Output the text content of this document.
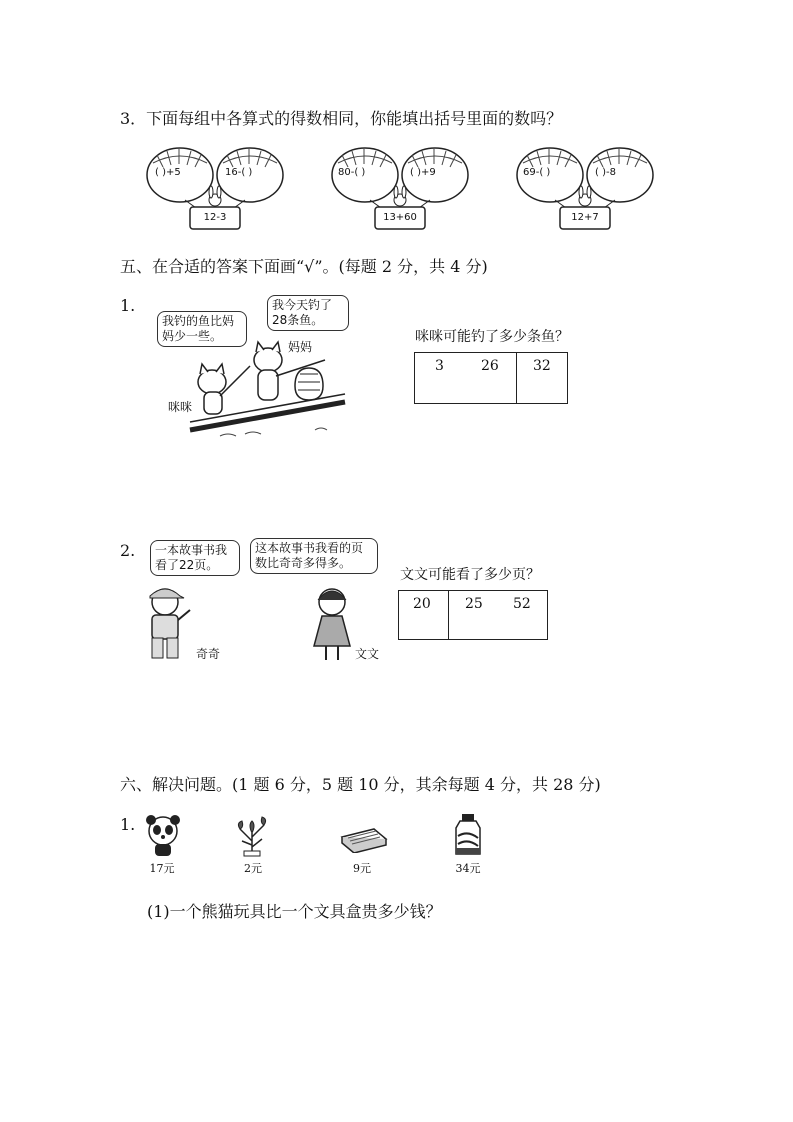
3．下面每组中各算式的得数相同，你能填出括号里面的数吗？
( )+5	16-( )
12-3
80-( )	( )+9
13+60
69-( )	( )-8
12+7
五、在合适的答案下面画“√”。(每题 2 分，共 4 分)
1.
我钓的鱼比妈妈少一些。
我今天钓了28条鱼。
妈妈
咪咪
咪咪可能钓了多少条鱼？
3	26 32
2.	一本故事书我看了22页。
这本故事书我看的页数比奇奇多得多。
奇奇	文文
文文可能看了多少页？
20 25 52
六、解决问题。(1 题 6 分，5 题 10 分，其余每题 4 分，共 28 分)
1.
17元	2元	9元	34元
(1)一个熊猫玩具比一个文具盒贵多少钱？
